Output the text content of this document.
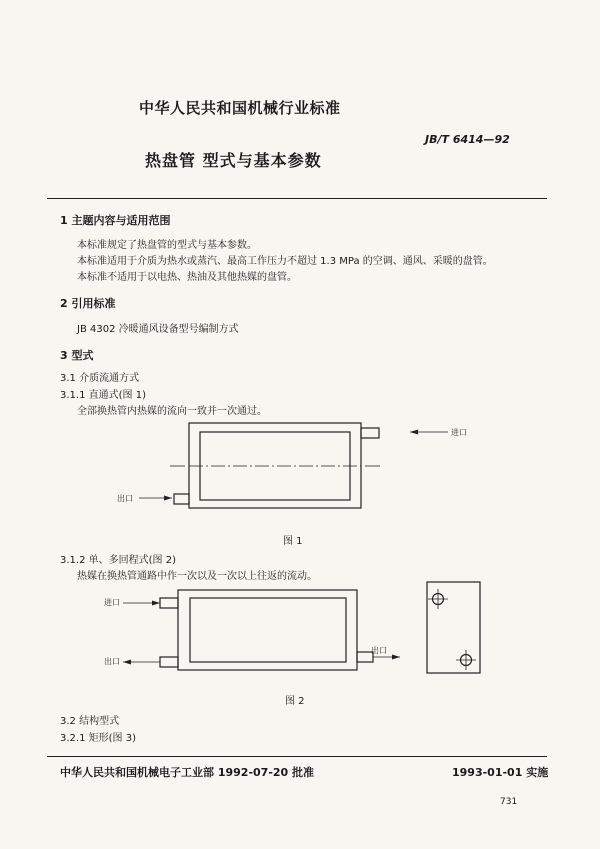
中华人民共和国机械行业标准
JB/T 6414—92
热盘管 型式与基本参数
1 主题内容与适用范围
本标准规定了热盘管的型式与基本参数。
本标准适用于介质为热水或蒸汽、最高工作压力不超过 1.3 MPa 的空调、通风、采暖的盘管。
本标准不适用于以电热、热油及其他热媒的盘管。
2 引用标准
JB 4302 冷暖通风设备型号编制方式
3 型式
3.1 介质流通方式
3.1.1 直通式(图 1)
全部换热管内热媒的流向一致并一次通过。
进口
出口
图 1
3.1.2 单、多回程式(图 2)
热媒在换热管通路中作一次以及一次以上往返的流动。
进口
出口
出口
图 2
3.2 结构型式
3.2.1 矩形(图 3)
中华人民共和国机械电子工业部 1992-07-20 批准	1993-01-01 实施
731
